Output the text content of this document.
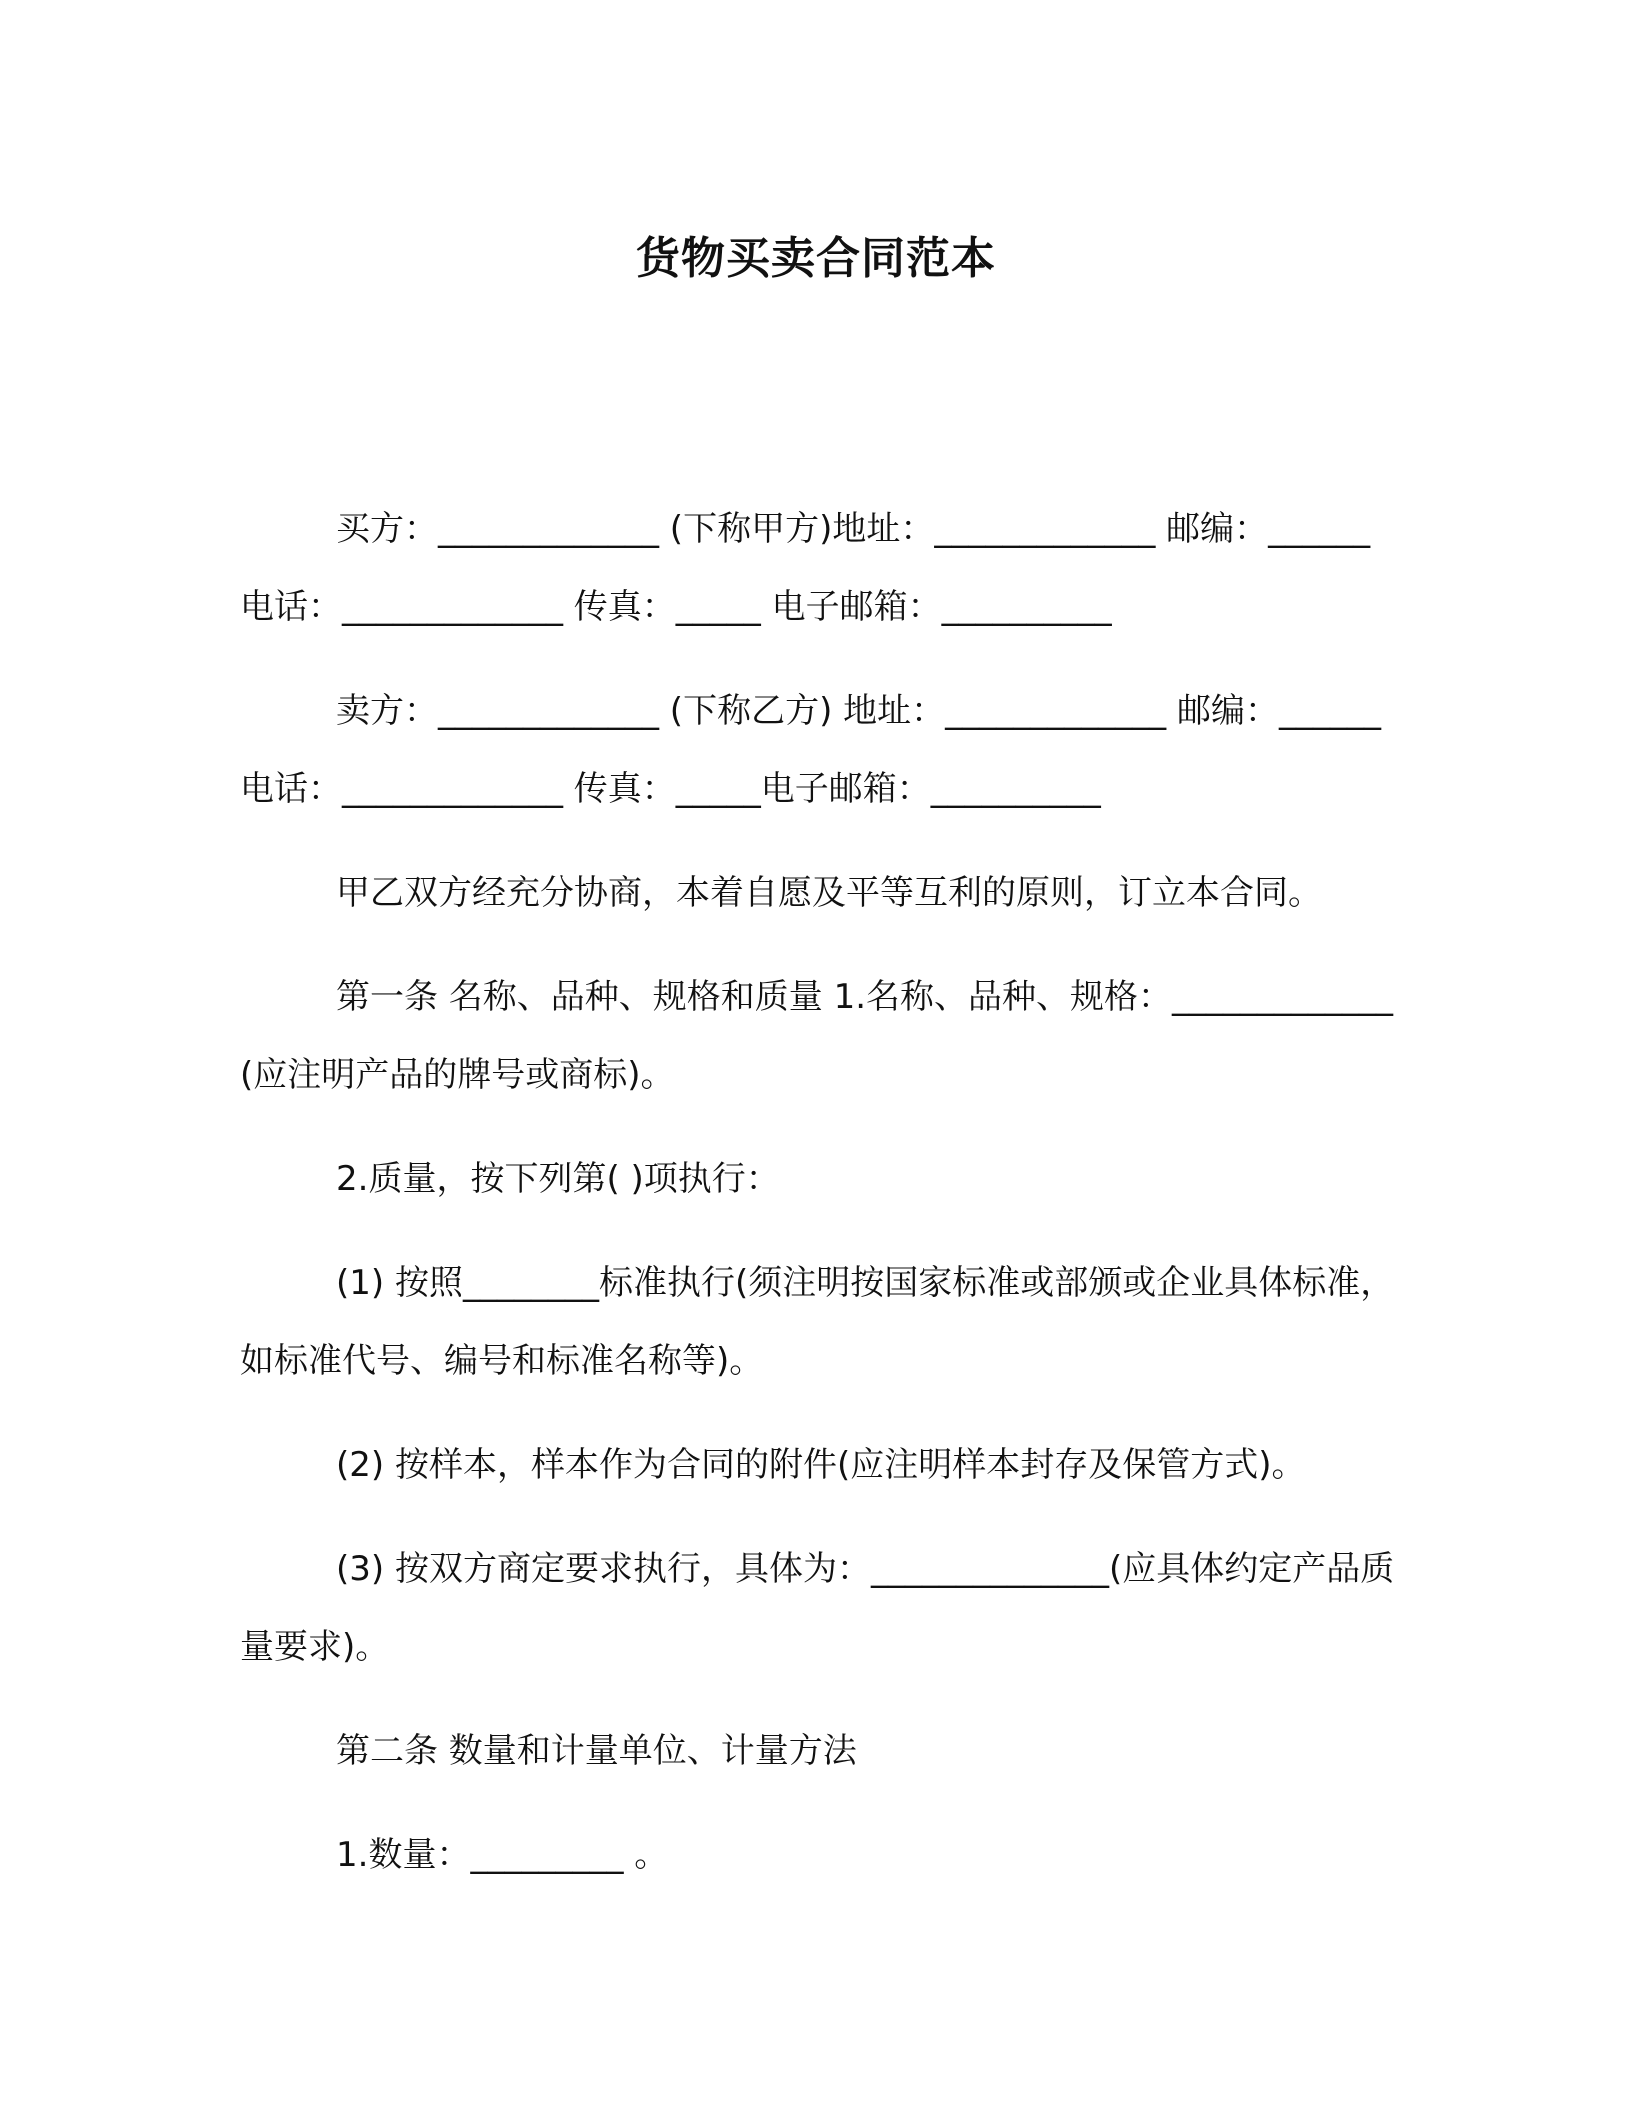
货物买卖合同范本

买方：_____________ (下称甲方)地址：_____________ 邮编：______ 电话：_____________ 传真：_____ 电子邮箱：__________

卖方：_____________ (下称乙方) 地址：_____________ 邮编：______ 电话：_____________ 传真：_____电子邮箱：__________

甲乙双方经充分协商，本着自愿及平等互利的原则，订立本合同。

第一条 名称、品种、规格和质量 1.名称、品种、规格：_____________ (应注明产品的牌号或商标)。

2.质量，按下列第( )项执行：

(1) 按照________标准执行(须注明按国家标准或部颁或企业具体标准，如标准代号、编号和标准名称等)。

(2) 按样本，样本作为合同的附件(应注明样本封存及保管方式)。

(3) 按双方商定要求执行，具体为：______________(应具体约定产品质量要求)。

第二条 数量和计量单位、计量方法

1.数量：_________ 。
